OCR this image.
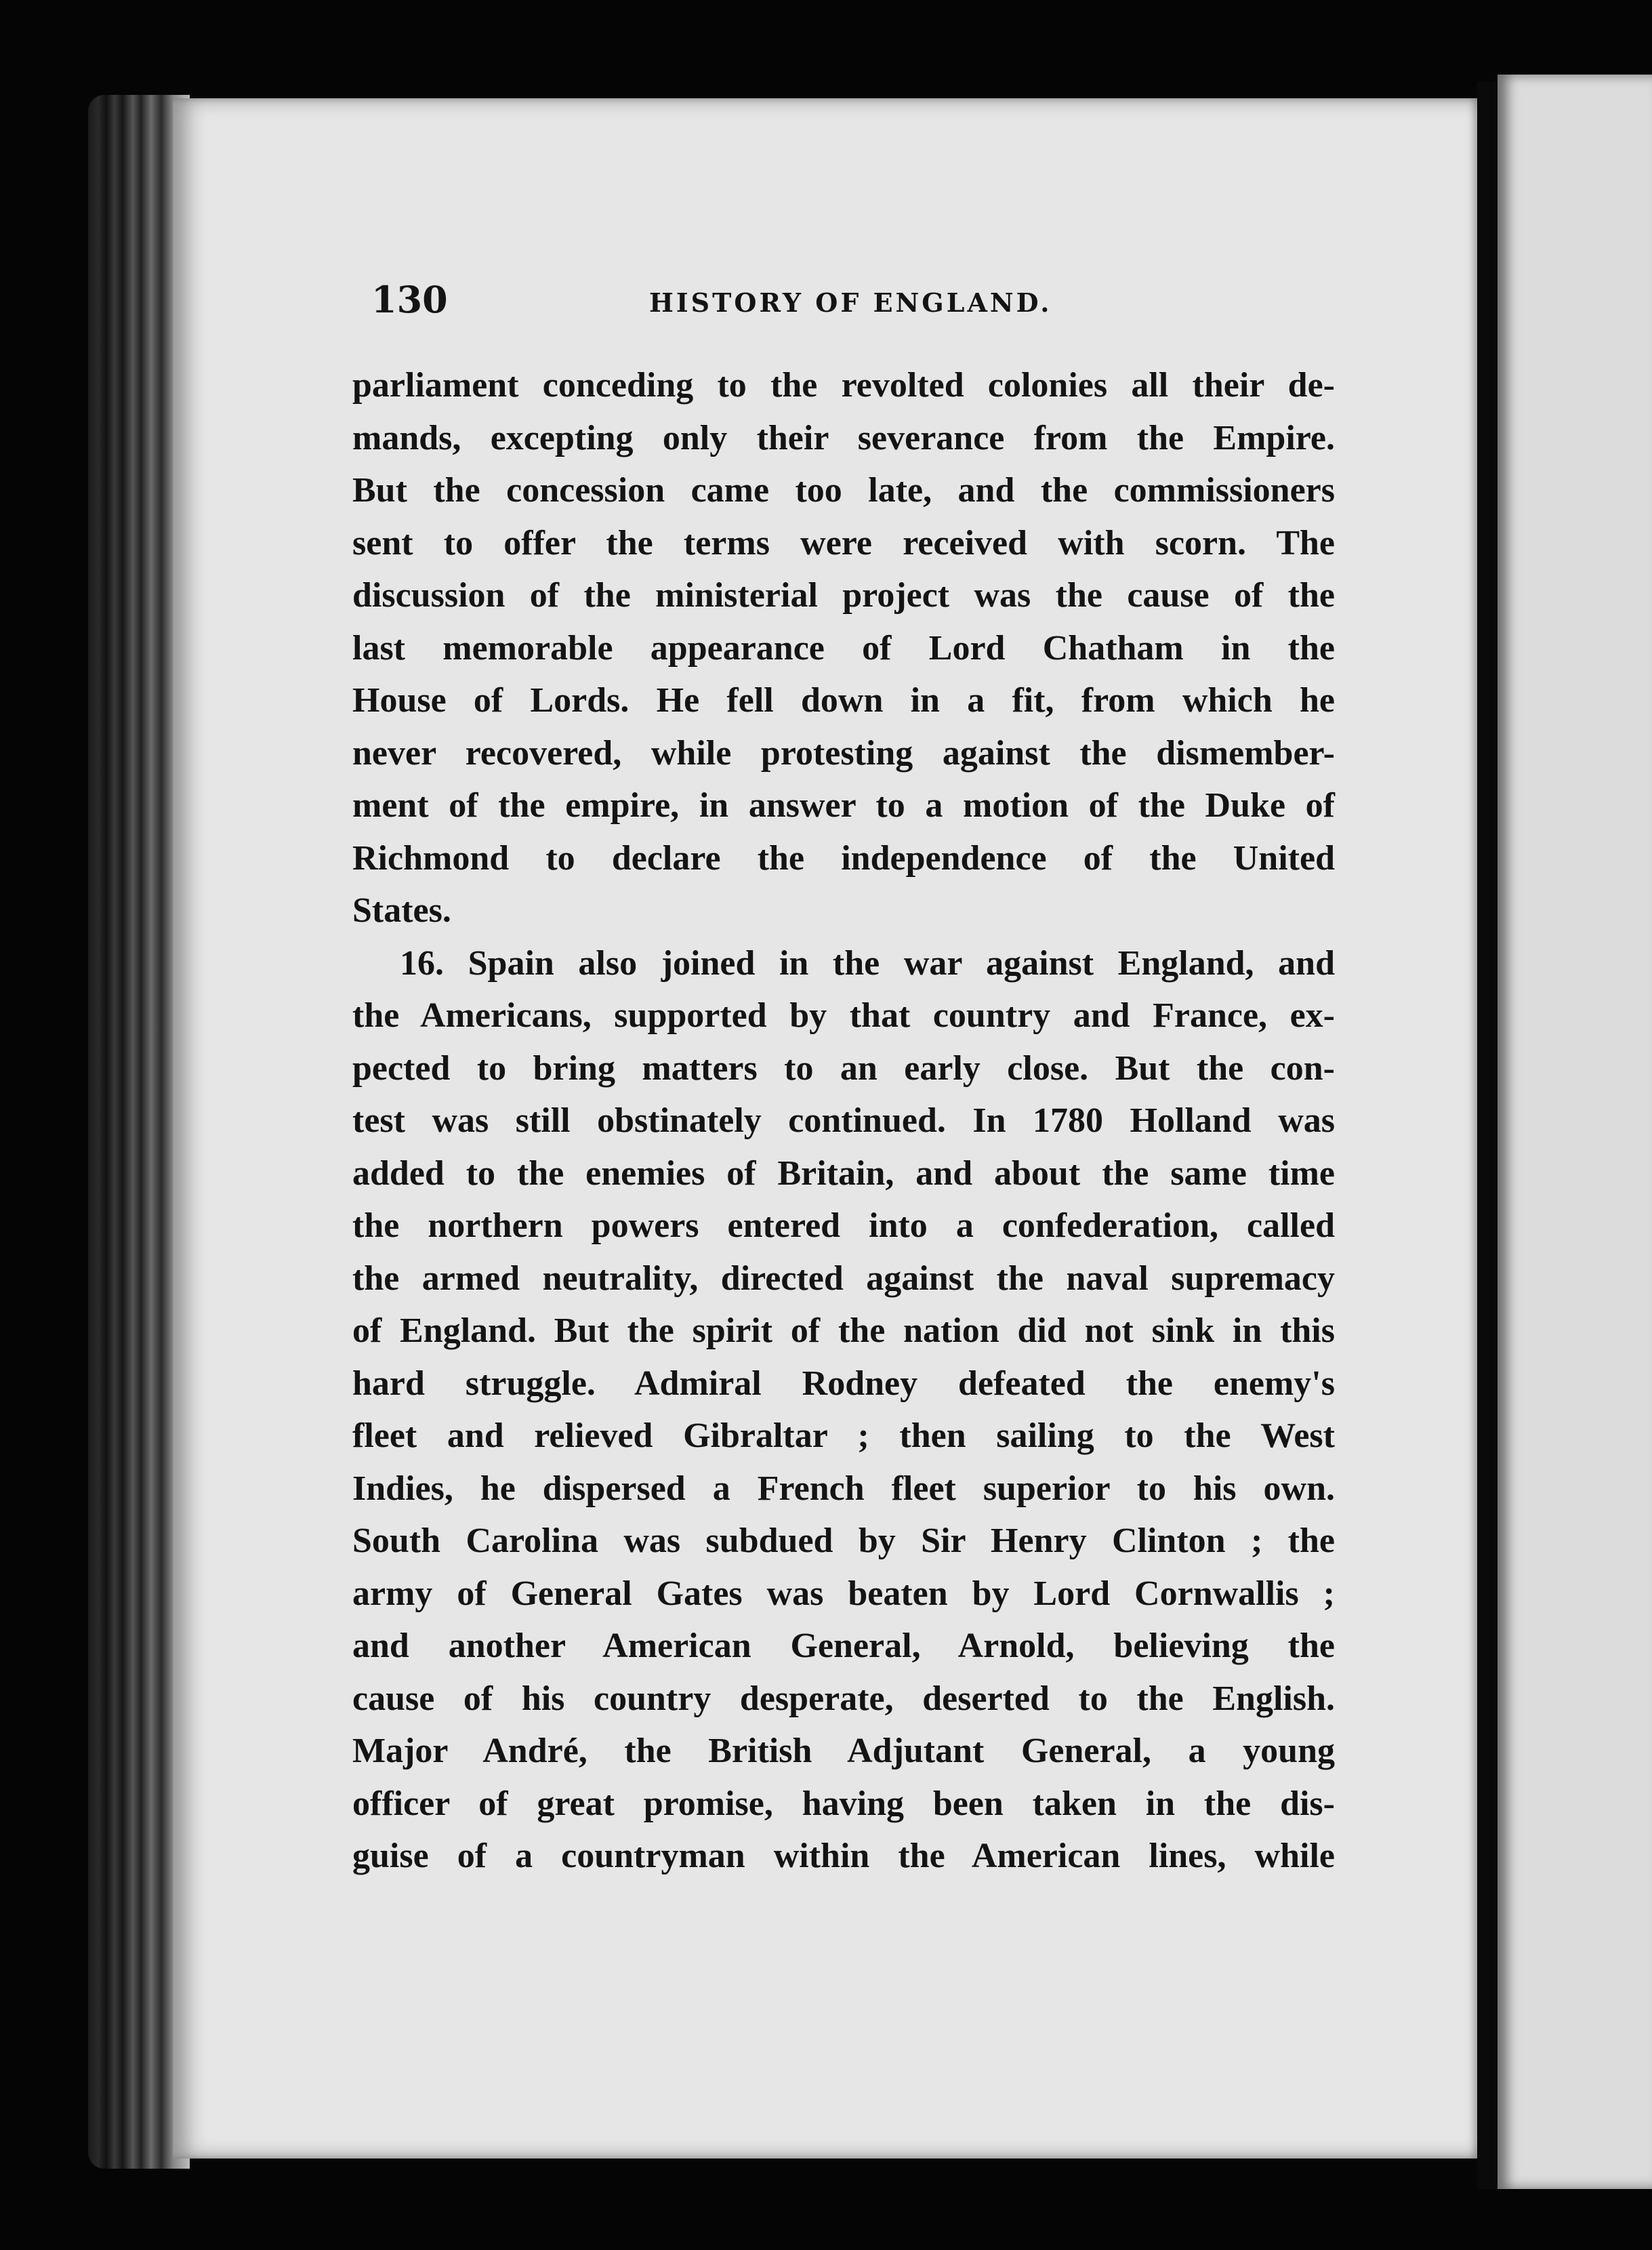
130	HISTORY OF ENGLAND.
parliament conceding to the revolted colonies all their de-
mands, excepting only their severance from the Empire.
But the concession came too late, and the commissioners
sent to offer the terms were received with scorn. The
discussion of the ministerial project was the cause of the
last memorable appearance of Lord Chatham in the
House of Lords. He fell down in a fit, from which he
never recovered, while protesting against the dismember-
ment of the empire, in answer to a motion of the Duke of
Richmond to declare the independence of the United
States.
16. Spain also joined in the war against England, and
the Americans, supported by that country and France, ex-
pected to bring matters to an early close. But the con-
test was still obstinately continued. In 1780 Holland was
added to the enemies of Britain, and about the same time
the northern powers entered into a confederation, called
the armed neutrality, directed against the naval supremacy
of England. But the spirit of the nation did not sink in this
hard struggle. Admiral Rodney defeated the enemy's
fleet and relieved Gibraltar ; then sailing to the West
Indies, he dispersed a French fleet superior to his own.
South Carolina was subdued by Sir Henry Clinton ; the
army of General Gates was beaten by Lord Cornwallis ;
and another American General, Arnold, believing the
cause of his country desperate, deserted to the English.
Major André, the British Adjutant General, a young
officer of great promise, having been taken in the dis-
guise of a countryman within the American lines, while
